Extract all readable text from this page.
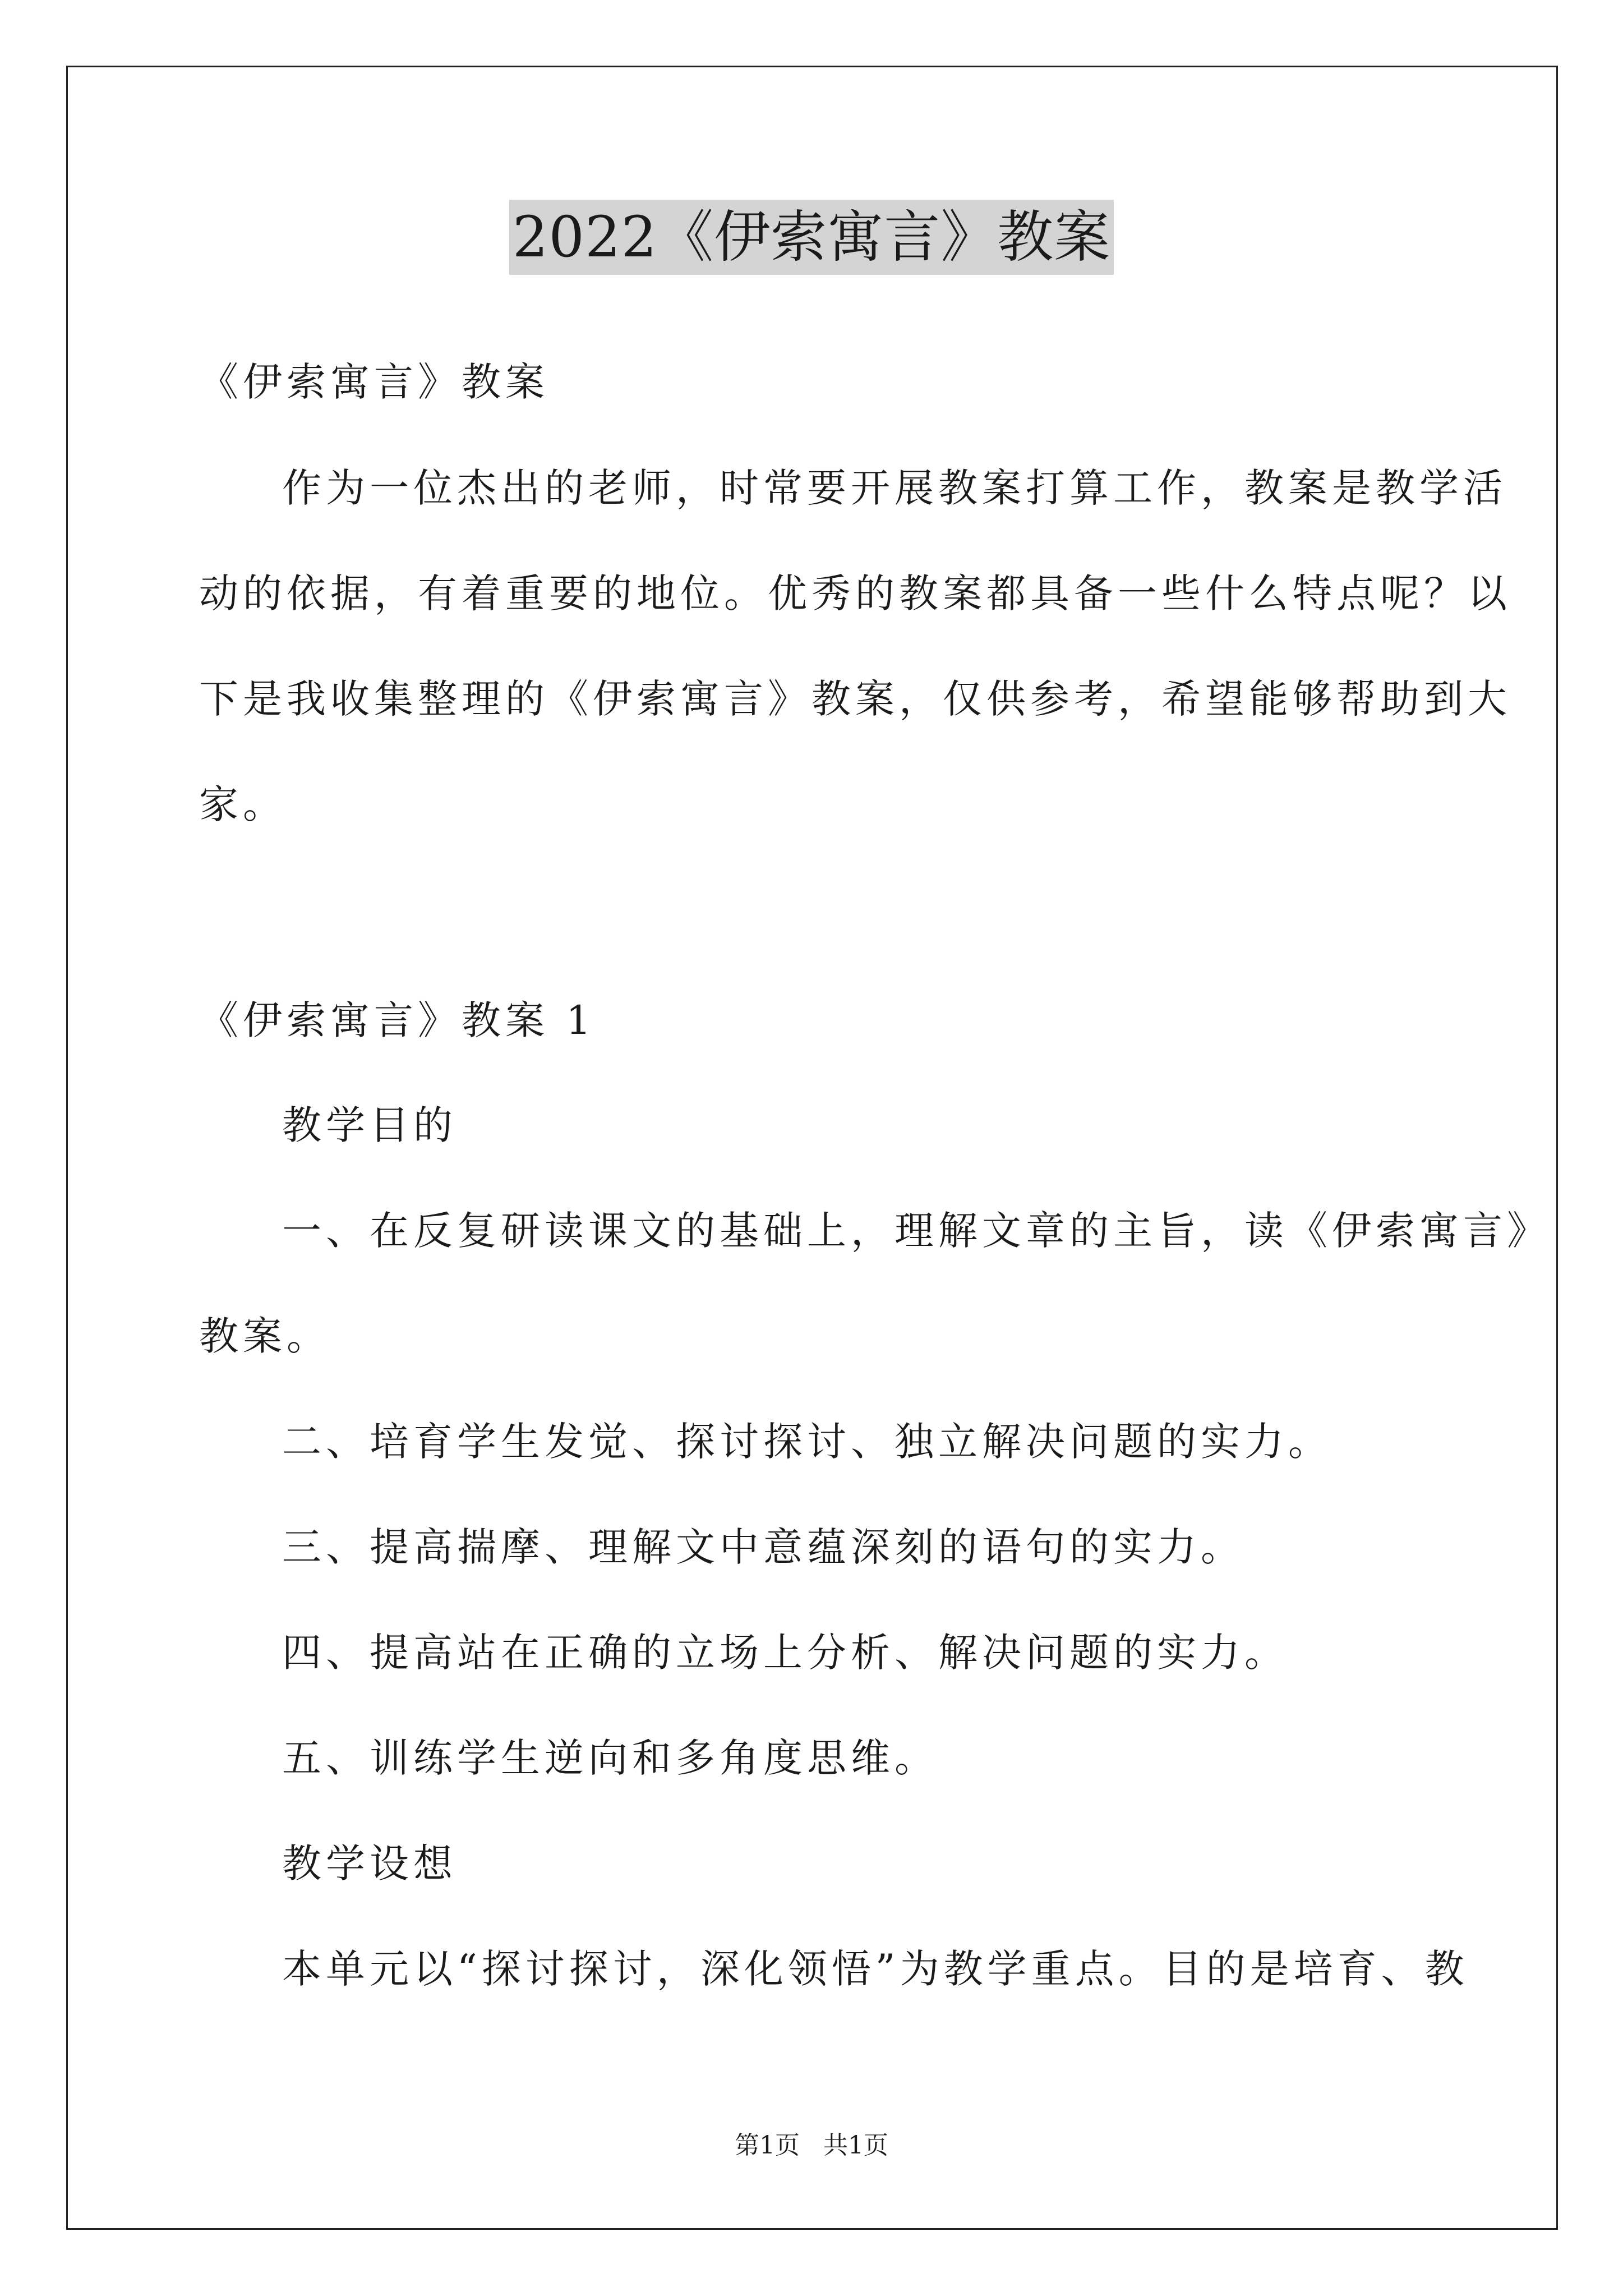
2022《伊索寓言》教案
《伊索寓言》教案
作为一位杰出的老师，时常要开展教案打算工作，教案是教学活
动的依据，有着重要的地位。优秀的教案都具备一些什么特点呢？以
下是我收集整理的《伊索寓言》教案，仅供参考，希望能够帮助到大
家。
《伊索寓言》教案 1
教学目的
一、在反复研读课文的基础上，理解文章的主旨，读《伊索寓言》
教案。
二、培育学生发觉、探讨探讨、独立解决问题的实力。
三、提高揣摩、理解文中意蕴深刻的语句的实力。
四、提高站在正确的立场上分析、解决问题的实力。
五、训练学生逆向和多角度思维。
教学设想
本单元以“探讨探讨，深化领悟”为教学重点。目的是培育、教
第1页   共1页
